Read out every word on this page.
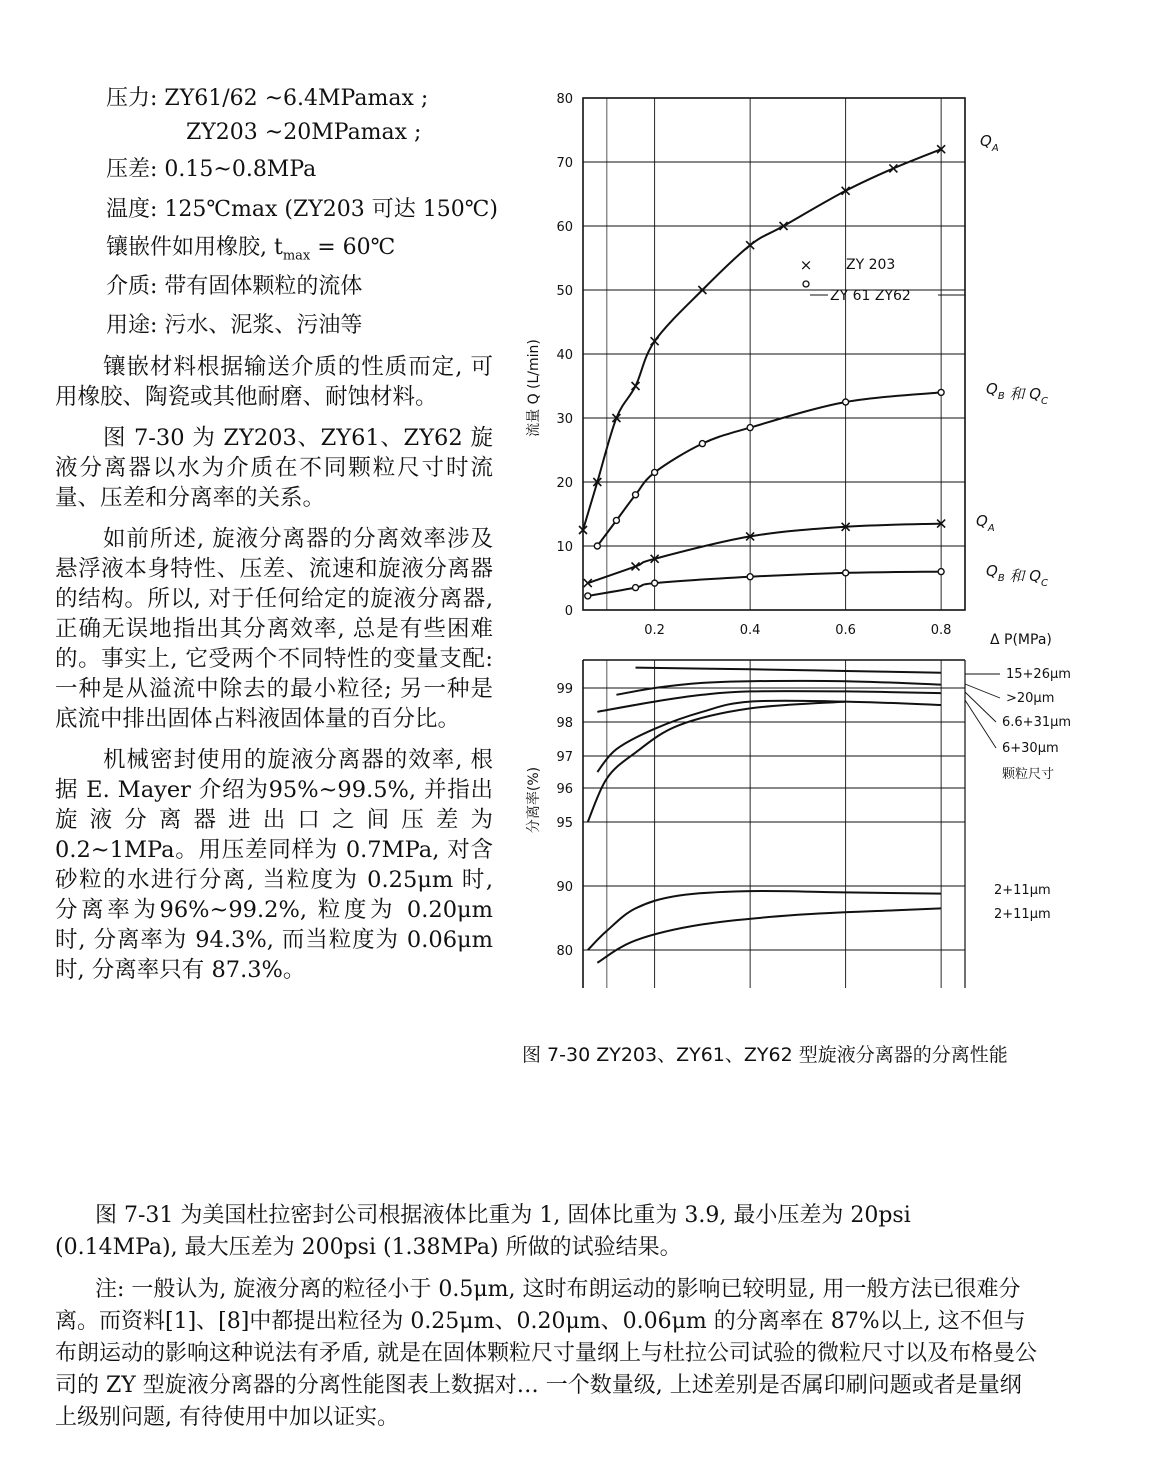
压力: ZY61/62 ~6.4MPamax ;
ZY203 ~20MPamax ;
压差: 0.15~0.8MPa
温度: 125℃max (ZY203 可达 150℃)
镶嵌件如用橡胶, $t_{max}$ = 60℃
介质: 带有固体颗粒的流体
用途: 污水、泥浆、污油等

镶嵌材料根据输送介质的性质而定, 可用橡胶、陶瓷或其他耐磨、耐蚀材料。

图 7-30 为 ZY203、ZY61、ZY62 旋液分离器以水为介质在不同颗粒尺寸时流量、压差和分离率的关系。

如前所述, 旋液分离器的分离效率涉及悬浮液本身特性、压差、流速和旋液分离器的结构。所以, 对于任何给定的旋液分离器, 正确无误地指出其分离效率, 总是有些困难的。事实上, 它受两个不同特性的变量支配: 一种是从溢流中除去的最小粒径; 另一种是底流中排出固体占料液固体量的百分比。

机械密封使用的旋液分离器的效率, 根据 E. Mayer 介绍为95%~99.5%, 并指出旋液分离器进出口之间压差为 0.2~1MPa。用压差同样为 0.7MPa, 对含砂粒的水进行分离, 当粒度为 0.25μm 时, 分离率为96%~99.2%, 粒度为 0.20μm 时, 分离率为 94.3%, 而当粒度为 0.06μm 时, 分离率只有 87.3%。

0
10
20
30
40
50
60
70
80
0.2	0.4	0.6	0.8
流量 Q (L/min)
$Q_A$
$Q_B$ 和 $Q_C$
$Q_A$
$Q_B$ 和 $Q_C$
× ZY 203
ZY 61 ZY62
99
98
97
96
95
90
80
分离率(%)
Δ P(MPa)
15+26μm
>20μm
6.6+31μm
6+30μm
2+11μm
2+11μm
颗粒尺寸
图 7-30 ZY203、ZY61、ZY62 型旋液分离器的分离性能

图 7-31 为美国杜拉密封公司根据液体比重为 1, 固体比重为 3.9, 最小压差为 20psi (0.14MPa), 最大压差为 200psi (1.38MPa) 所做的试验结果。

注: 一般认为, 旋液分离的粒径小于 0.5μm, 这时布朗运动的影响已较明显, 用一般方法已很难分离。而资料[1]、[8]中都提出粒径为 0.25μm、0.20μm、0.06μm 的分离率在 87%以上, 这不但与布朗运动的影响这种说法有矛盾, 就是在固体颗粒尺寸量纲上与杜拉公司试验的微粒尺寸以及布格曼公司的 ZY 型旋液分离器的分离性能图表上数据对… 一个数量级, 上述差别是否属印刷问题或者是量纲上级别问题, 有待使用中加以证实。
